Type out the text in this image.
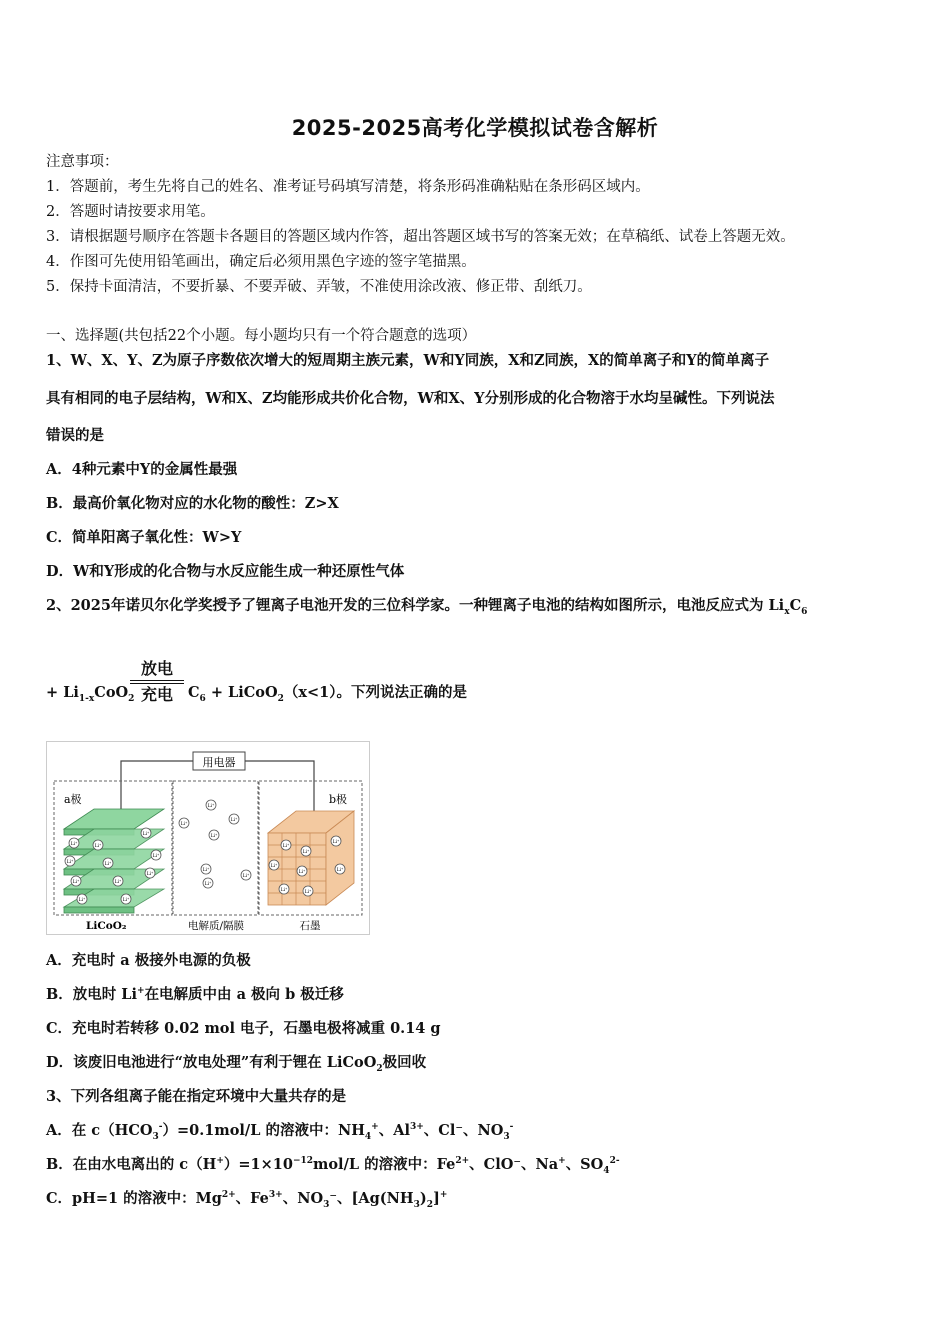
2025-2025高考化学模拟试卷含解析
注意事项：
1．答题前，考生先将自己的姓名、准考证号码填写清楚，将条形码准确粘贴在条形码区域内。
2．答题时请按要求用笔。
3．请根据题号顺序在答题卡各题目的答题区域内作答，超出答题区域书写的答案无效；在草稿纸、试卷上答题无效。
4．作图可先使用铅笔画出，确定后必须用黑色字迹的签字笔描黑。
5．保持卡面清洁，不要折暴、不要弄破、弄皱，不准使用涂改液、修正带、刮纸刀。
一、选择题(共包括22个小题。每小题均只有一个符合题意的选项）
1、W、X、Y、Z为原子序数依次增大的短周期主族元素，W和Y同族，X和Z同族，X的简单离子和Y的简单离子
具有相同的电子层结构，W和X、Z均能形成共价化合物，W和X、Y分别形成的化合物溶于水均呈碱性。下列说法
错误的是
A．4种元素中Y的金属性最强
B．最高价氧化物对应的水化物的酸性：Z>X
C．简单阳离子氧化性：W>Y
D．W和Y形成的化合物与水反应能生成一种还原性气体
2、2025年诺贝尔化学奖授予了锂离子电池开发的三位科学家。一种锂离子电池的结构如图所示，电池反应式为 $Li_xC_6$
放电
充电
+ $Li_{1-x}CoO_2$	$C_6$ + LiCoO$_2$（x<1）。下列说法正确的是
用电器
a极	b极
LiCoO₂	电解质/隔膜	石墨
Li⁺
Li⁺
Li⁺
Li⁺
Li⁺
Li⁺
Li⁺
Li⁺	Li⁺
Li⁺
Li⁺	Li⁺
Li⁺
Li⁺	Li⁺
Li⁺
Li⁺	Li⁺
Li⁺
Li⁺
Li⁺
Li⁺
Li⁺	Li⁺
Li⁺	Li⁺
A．充电时 a 极接外电源的负极
B．放电时 Li+在电解质中由 a 极向 b 极迁移
C．充电时若转移 0.02 mol 电子，石墨电极将减重 0.14 g
D．该废旧电池进行“放电处理”有利于锂在 LiCoO$_2$极回收
3、下列各组离子能在指定环境中大量共存的是
A．在 $c(HCO_3^-)=0.1mol/L$ 的溶液中：$NH_4^+$、$Al^{3+}$、Cl⁻、$NO_3^-$
B．在由水电离出的 $c(H^+)=1\times 10^{-12}mol/L$ 的溶液中：$Fe^{2+}$、ClO⁻、Na+、$SO_4^{2-}$
C．pH=1 的溶液中：$Mg^{2+}$、$Fe^{3+}$、$NO_3^-$、$[Ag(NH_3)_2]^+$
